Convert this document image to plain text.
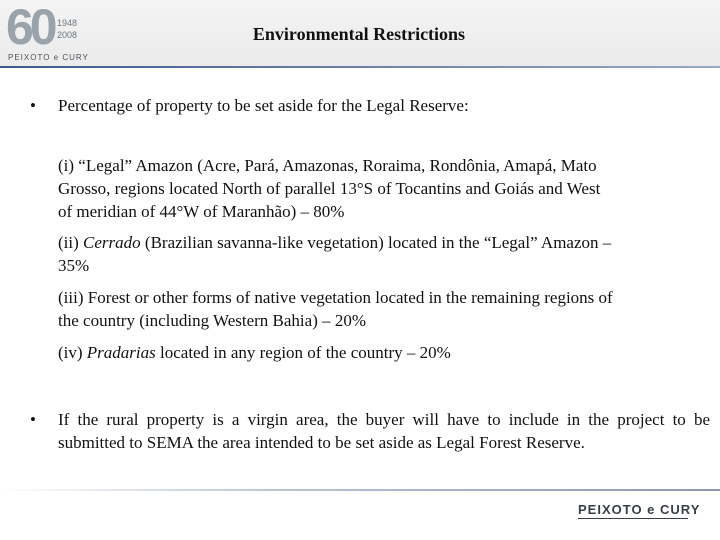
60 1948
2008
PEIXOTO e CURY
Environmental Restrictions
• Percentage of property to be set aside for the Legal Reserve:
(i) “Legal” Amazon (Acre, Pará, Amazonas, Roraima, Rondônia, Amapá, Mato
Grosso, regions located North of parallel 13°S of Tocantins and Goiás and West
of meridian of 44°W of Maranhão) – 80%
(ii) Cerrado (Brazilian savanna-like vegetation) located in the “Legal” Amazon –
35%
(iii) Forest or other forms of native vegetation located in the remaining regions of
the country (including Western Bahia) – 20%
(iv) Pradarias located in any region of the country – 20%
• If the rural property is a virgin area, the buyer will have to include in the project to be submitted to SEMA the area intended to be set aside as Legal Forest Reserve.
PEIXOTO e CURY
